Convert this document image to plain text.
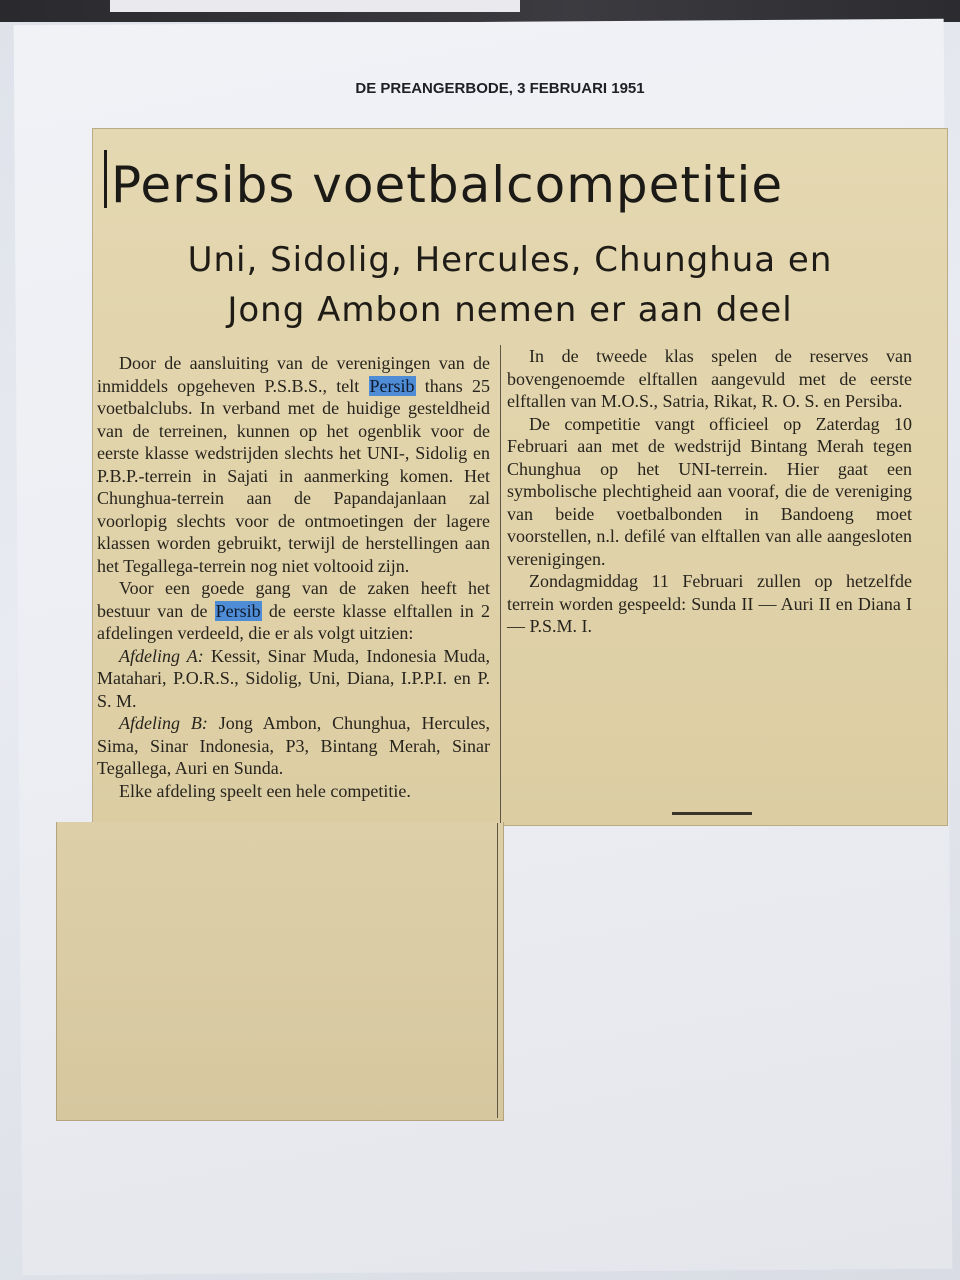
DE PREANGERBODE, 3 FEBRUARI 1951
Persibs voetbalcompetitie
Uni, Sidolig, Hercules, Chunghua en
Jong Ambon nemen er aan deel

Door de aansluiting van de verenigingen van de inmiddels opgeheven P.S.B.S., telt Persib thans 25 voetbalclubs. In verband met de huidige gesteldheid van de terreinen, kunnen op het ogenblik voor de eerste klasse wedstrijden slechts het UNI-, Sidolig en P.B.P.-terrein in Sajati in aanmerking komen. Het Chunghua-terrein aan de Papandajanlaan zal voorlopig slechts voor de ontmoetingen der lagere klassen worden gebruikt, terwijl de herstellingen aan het Tegallega-terrein nog niet voltooid zijn.

Voor een goede gang van de zaken heeft het bestuur van de Persib de eerste klasse elftallen in 2 afdelingen verdeeld, die er als volgt uitzien:

Afdeling A: Kessit, Sinar Muda, Indonesia Muda, Matahari, P.O.R.S., Sidolig, Uni, Diana, I.P.P.I. en P. S. M.

Afdeling B: Jong Ambon, Chunghua, Hercules, Sima, Sinar Indonesia, P3, Bintang Merah, Sinar Tegallega, Auri en Sunda.

Elke afdeling speelt een hele competitie.

In de tweede klas spelen de reserves van bovengenoemde elftallen aangevuld met de eerste elftallen van M.O.S., Satria, Rikat, R. O. S. en Persiba.

De competitie vangt officieel op Zaterdag 10 Februari aan met de wedstrijd Bintang Merah tegen Chunghua op het UNI-terrein. Hier gaat een symbolische plechtigheid aan vooraf, die de vereniging van beide voetbalbonden in Bandoeng moet voorstellen, n.l. defilé van elftallen van alle aangesloten verenigingen.

Zondagmiddag 11 Februari zullen op hetzelfde terrein worden gespeeld: Sunda II — Auri II en Diana I — P.S.M. I.
